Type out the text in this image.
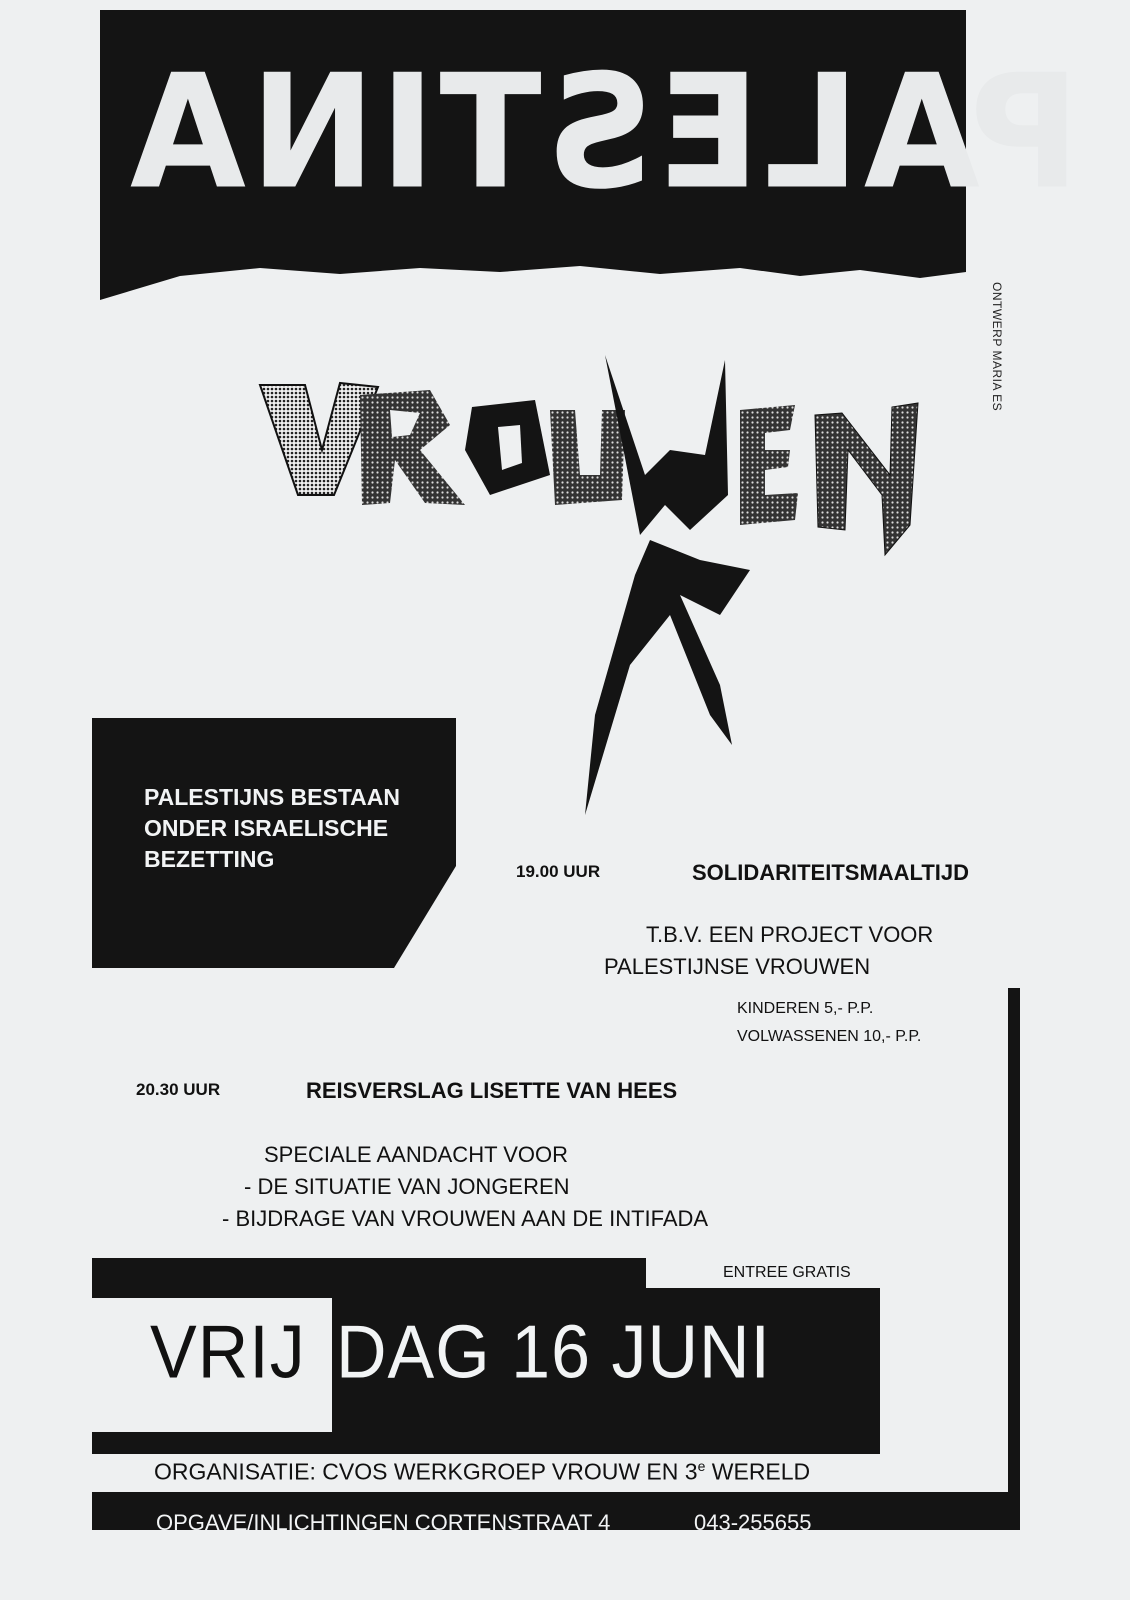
PALESTINA
ONTWERP MARIA ES
PALESTIJNS BESTAAN
ONDER ISRAELISCHE
BEZETTING	19.00 UUR	SOLIDARITEITSMAALTIJD
T.B.V. EEN PROJECT VOOR
PALESTIJNSE VROUWEN
KINDEREN 5,- P.P.
VOLWASSENEN 10,- P.P.
20.30 UUR	REISVERSLAG LISETTE VAN HEES
SPECIALE AANDACHT VOOR
- DE SITUATIE VAN JONGEREN
- BIJDRAGE VAN VROUWEN AAN DE INTIFADA
ENTREE GRATIS
VRIJ DAG 16 JUNI
ORGANISATIE: CVOS WERKGROEP VROUW EN 3e WERELD
OPGAVE/INLICHTINGEN CORTENSTRAAT 4	043-255655
